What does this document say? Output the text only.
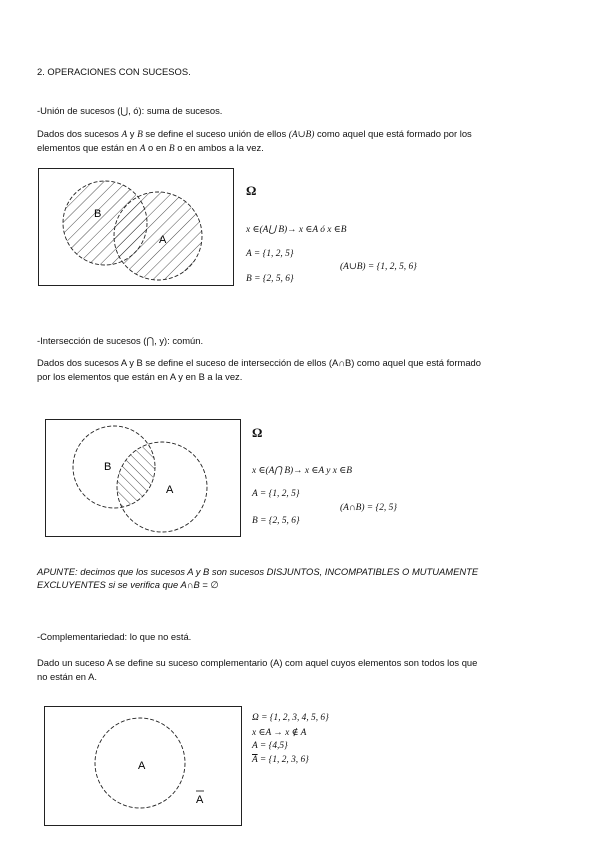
2. OPERACIONES CON SUCESOS.
-Unión de sucesos (⋃, ó): suma de sucesos.
Dados dos sucesos A y B se define el suceso unión de ellos (A∪B) como aquel que está formado por los
elementos que están en A o en B o en ambos a la vez.
B
A
Ω
x ∈(A⋃ B)→ x ∈A ó x ∈B
A = {1, 2, 5}
(A∪B) = {1, 2, 5, 6}
B = {2, 5, 6}
-Intersección de sucesos (⋂, y): común.
Dados dos sucesos A y B se define el suceso de intersección de ellos (A∩B) como aquel que está formado
por los elementos que están en A y en B a la vez.
B
A
Ω
x ∈(A⋂ B)→ x ∈A y x ∈B
A = {1, 2, 5}
(A∩B) = {2, 5}
B = {2, 5, 6}
APUNTE: decimos que los sucesos A y B son sucesos DISJUNTOS, INCOMPATIBLES O MUTUAMENTE
EXCLUYENTES si se verifica que A∩B = ∅
-Complementariedad: lo que no está.
Dado un suceso A se define su suceso complementario (A) com aquel cuyos elementos son todos los que
no están en A.
A
A
Ω = {1, 2, 3, 4, 5, 6}
x ∈A → x ∉ A
A = {4,5}
$\overline{A} = \{1$, 2, 3, 6}
